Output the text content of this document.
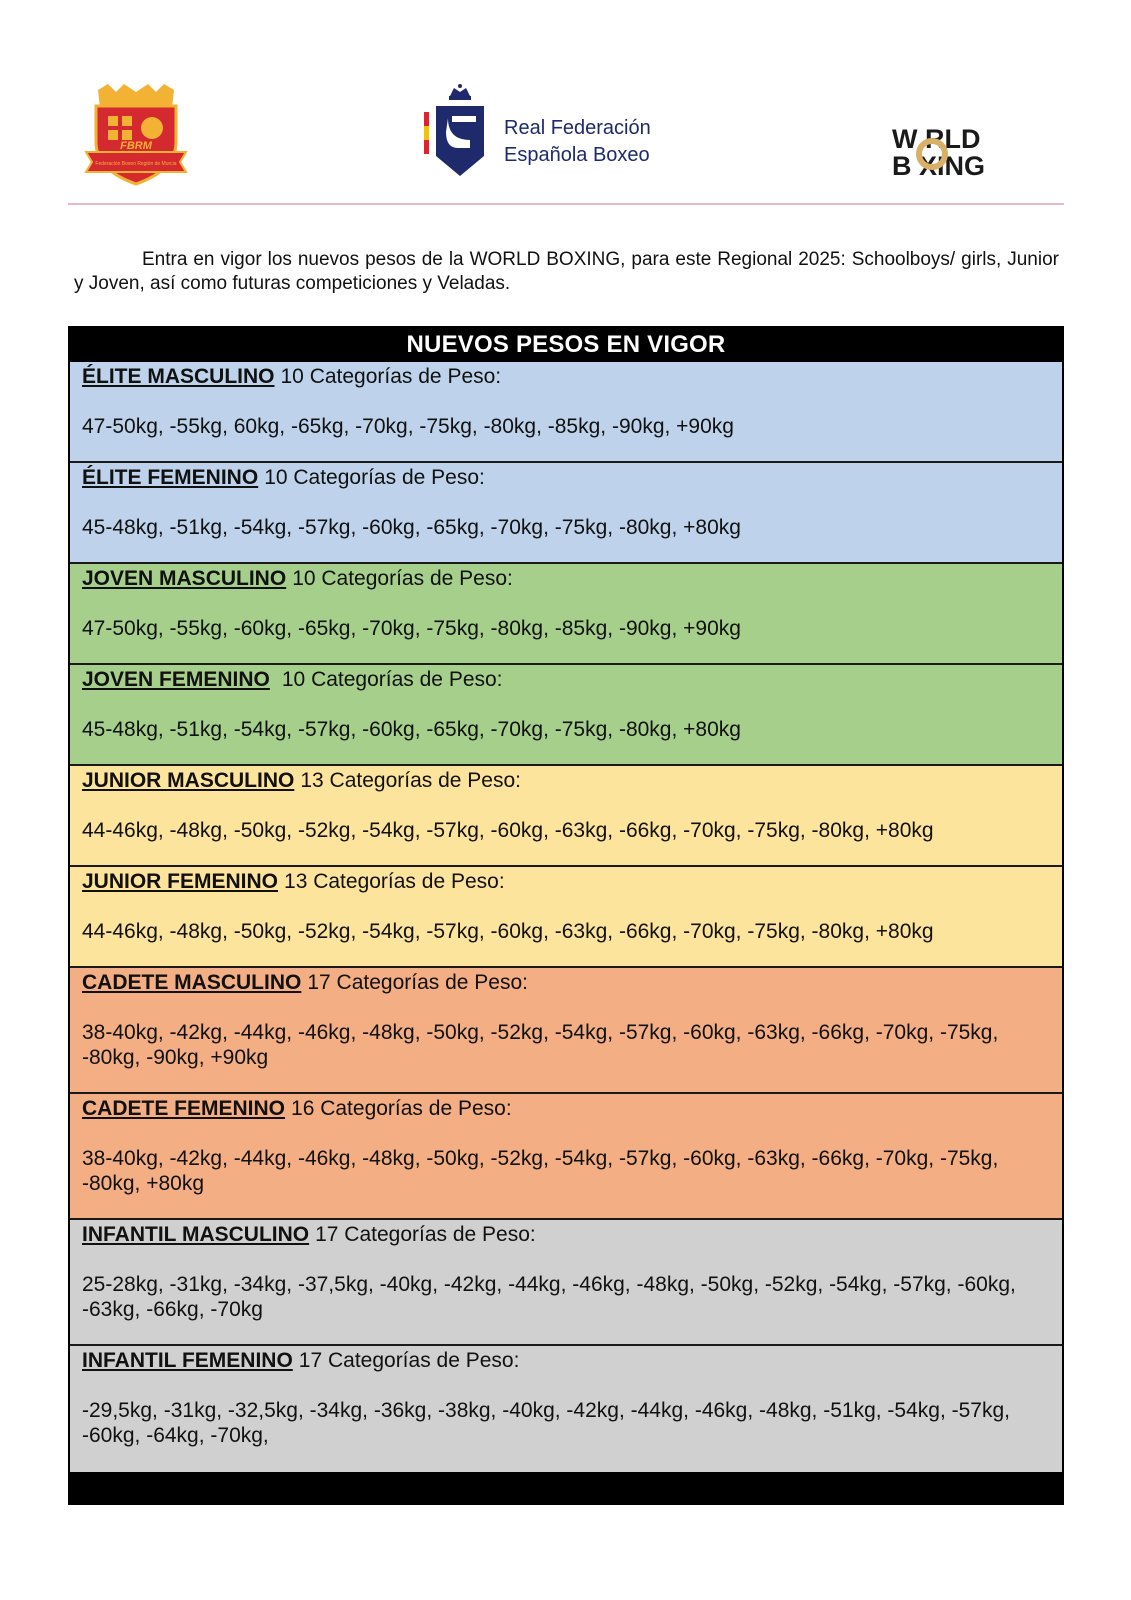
FBRM
Federación Boxeo Región de Murcia
Real Federación
Española Boxeo
W RLD
B XING
Entra en vigor los nuevos pesos de la WORLD BOXING, para este Regional 2025: Schoolboys/ girls, Junior y Joven, así como futuras competiciones y Veladas.
NUEVOS PESOS EN VIGOR
ÉLITE MASCULINO 10 Categorías de Peso:
47-50kg, -55kg, 60kg, -65kg, -70kg, -75kg, -80kg, -85kg, -90kg, +90kg
ÉLITE FEMENINO 10 Categorías de Peso:
45-48kg, -51kg, -54kg, -57kg, -60kg, -65kg, -70kg, -75kg, -80kg, +80kg
JOVEN MASCULINO 10 Categorías de Peso:
47-50kg, -55kg, -60kg, -65kg, -70kg, -75kg, -80kg, -85kg, -90kg, +90kg
JOVEN FEMENINO 10 Categorías de Peso:
45-48kg, -51kg, -54kg, -57kg, -60kg, -65kg, -70kg, -75kg, -80kg, +80kg
JUNIOR MASCULINO 13 Categorías de Peso:
44-46kg, -48kg, -50kg, -52kg, -54kg, -57kg, -60kg, -63kg, -66kg, -70kg, -75kg, -80kg, +80kg
JUNIOR FEMENINO 13 Categorías de Peso:
44-46kg, -48kg, -50kg, -52kg, -54kg, -57kg, -60kg, -63kg, -66kg, -70kg, -75kg, -80kg, +80kg
CADETE MASCULINO 17 Categorías de Peso:
38-40kg, -42kg, -44kg, -46kg, -48kg, -50kg, -52kg, -54kg, -57kg, -60kg, -63kg, -66kg, -70kg, -75kg, -80kg, -90kg, +90kg
CADETE FEMENINO 16 Categorías de Peso:
38-40kg, -42kg, -44kg, -46kg, -48kg, -50kg, -52kg, -54kg, -57kg, -60kg, -63kg, -66kg, -70kg, -75kg, -80kg, +80kg
INFANTIL MASCULINO 17 Categorías de Peso:
25-28kg, -31kg, -34kg, -37,5kg, -40kg, -42kg, -44kg, -46kg, -48kg, -50kg, -52kg, -54kg, -57kg, -60kg, -63kg, -66kg, -70kg
INFANTIL FEMENINO 17 Categorías de Peso:
-29,5kg, -31kg, -32,5kg, -34kg, -36kg, -38kg, -40kg, -42kg, -44kg, -46kg, -48kg, -51kg, -54kg, -57kg, -60kg, -64kg, -70kg,
